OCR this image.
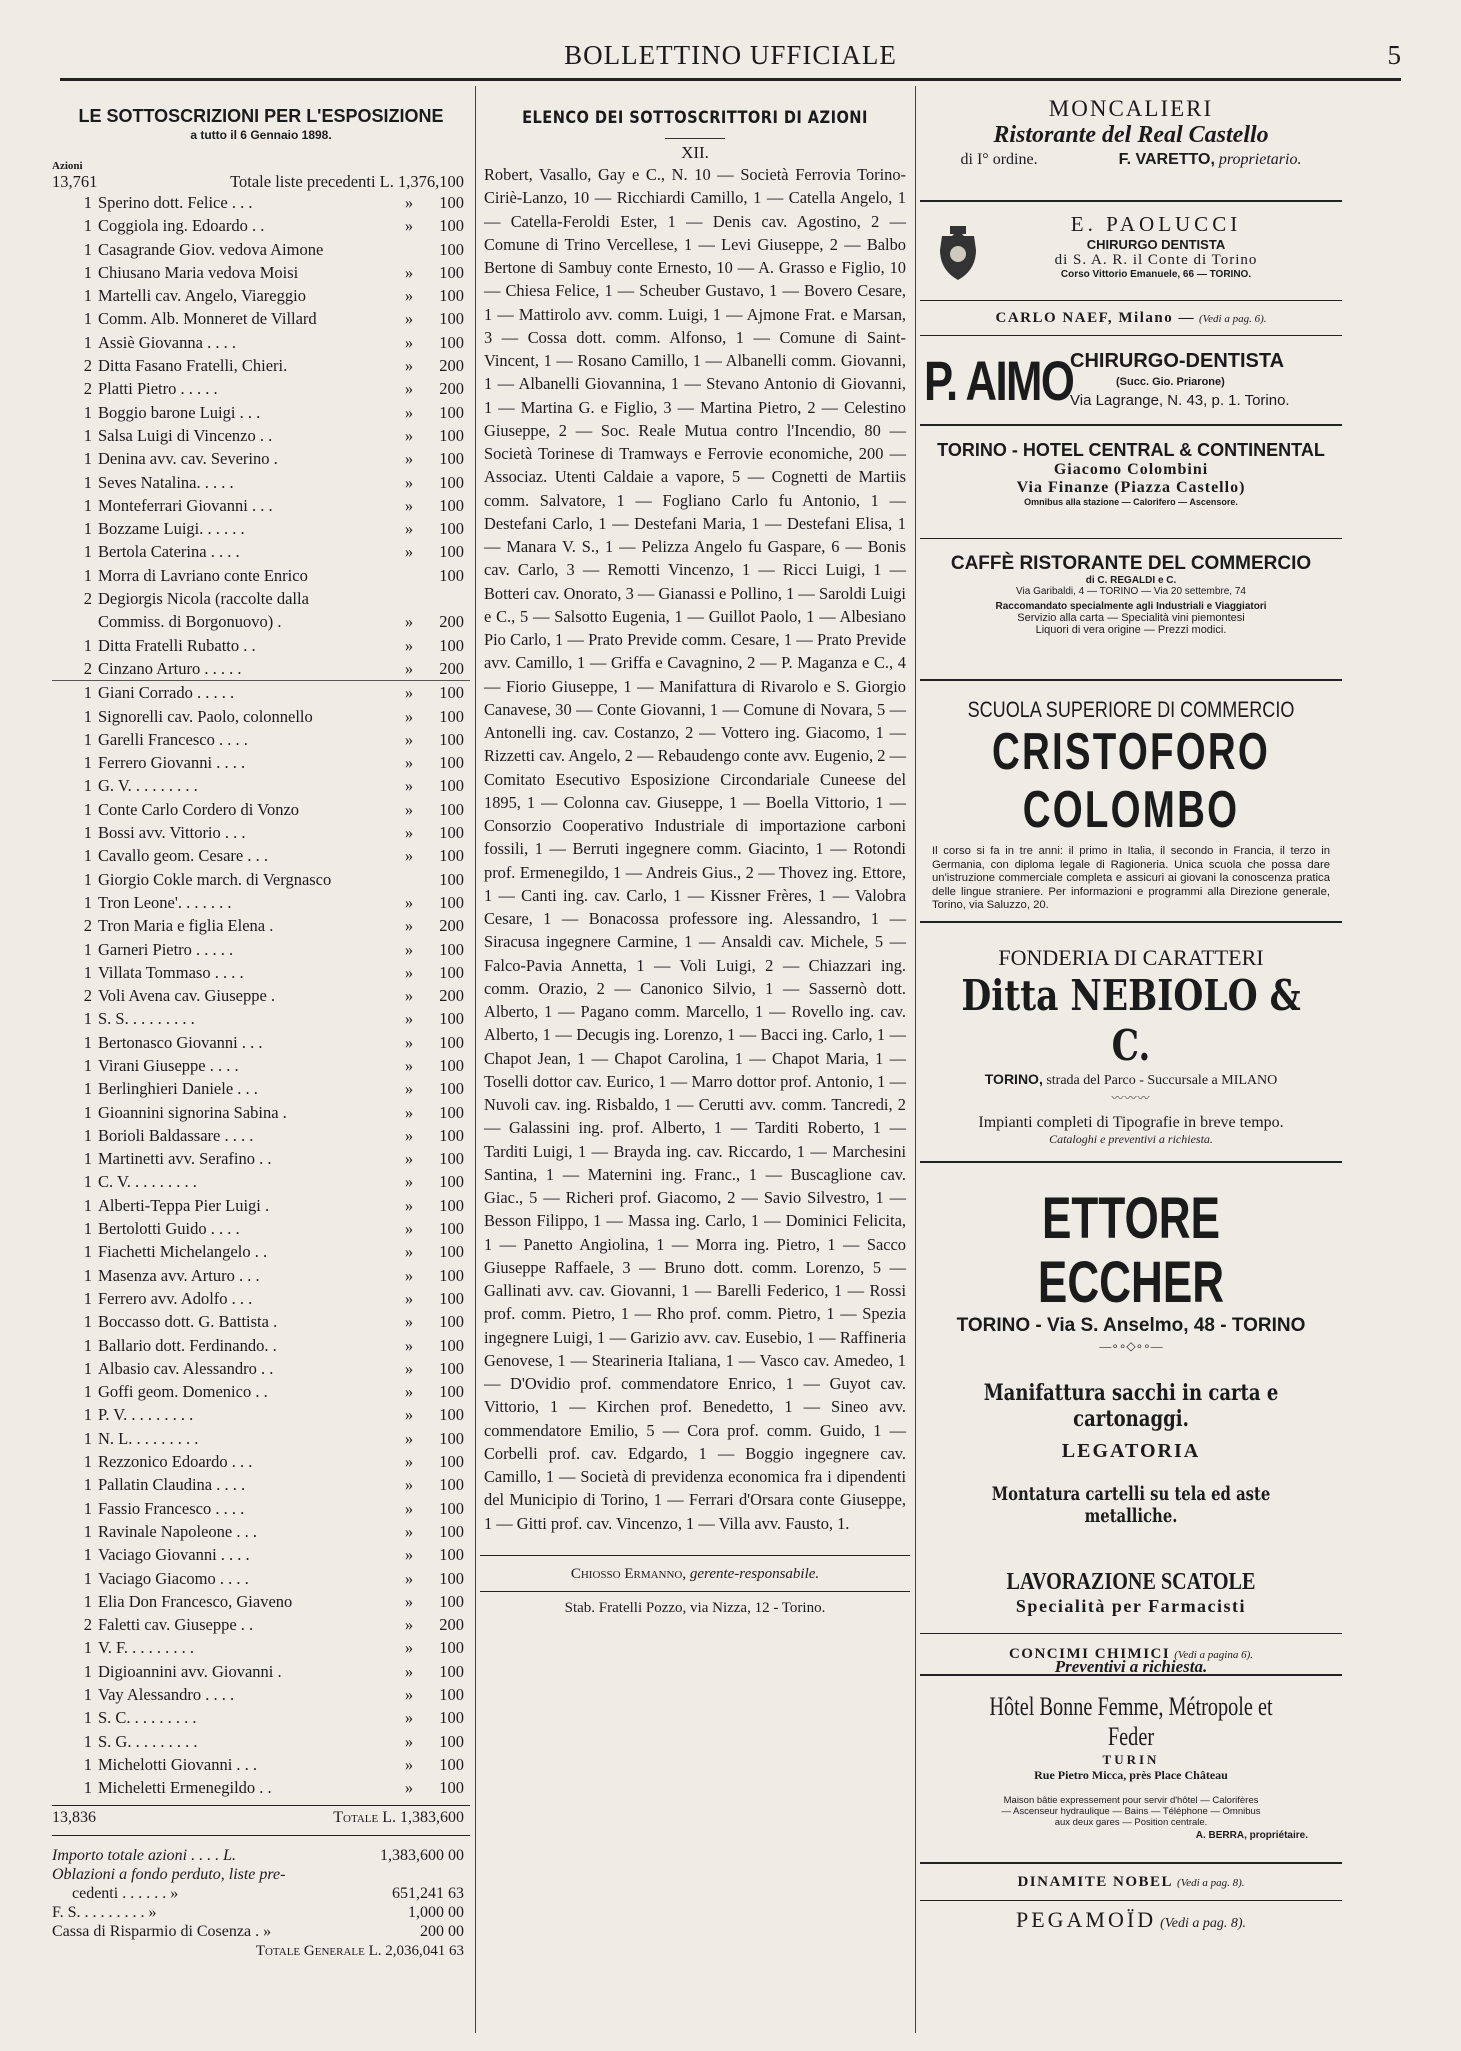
BOLLETTINO UFFICIALE	5
LE SOTTOSCRIZIONI PER L'ESPOSIZIONE
a tutto il 6 Gennaio 1898.
Azioni
13,761	Totale liste precedenti L. 1,376,100
1 Sperino dott. Felice . . .	»	100
1 Coggiola ing. Edoardo . .	»	100
1 Casagrande Giov. vedova Aimone	100
1 Chiusano Maria vedova Moisi	»	100
1 Martelli cav. Angelo, Viareggio	»	100
1 Comm. Alb. Monneret de Villard	»	100
1 Assiè Giovanna . . . .	»	100
2 Ditta Fasano Fratelli, Chieri.	»	200
2 Platti Pietro . . . . .	»	200
1 Boggio barone Luigi . . .	»	100
1 Salsa Luigi di Vincenzo . .	»	100
1 Denina avv. cav. Severino .	»	100
1 Seves Natalina. . . . .	»	100
1 Monteferrari Giovanni . . .	»	100
1 Bozzame Luigi. . . . . .	»	100
1 Bertola Caterina . . . .	»	100
1 Morra di Lavriano conte Enrico	100
2 Degiorgis Nicola (raccolte dalla
Commiss. di Borgonuovo) .	»	200
1 Ditta Fratelli Rubatto . .	»	100
2 Cinzano Arturo . . . . .	»	200
1 Giani Corrado . . . . .	»	100
1 Signorelli cav. Paolo, colonnello	»	100
1 Garelli Francesco . . . .	»	100
1 Ferrero Giovanni . . . .	»	100
1 G. V. . . . . . . . .	»	100
1 Conte Carlo Cordero di Vonzo	»	100
1 Bossi avv. Vittorio . . .	»	100
1 Cavallo geom. Cesare . . .	»	100
1 Giorgio Cokle march. di Vergnasco	100
1 Tron Leone'. . . . . . .	»	100
2 Tron Maria e figlia Elena .	»	200
1 Garneri Pietro . . . . .	»	100
1 Villata Tommaso . . . .	»	100
2 Voli Avena cav. Giuseppe .	»	200
1 S. S. . . . . . . . .	»	100
1 Bertonasco Giovanni . . .	»	100
1 Virani Giuseppe . . . .	»	100
1 Berlinghieri Daniele . . .	»	100
1 Gioannini signorina Sabina .	»	100
1 Borioli Baldassare . . . .	»	100
1 Martinetti avv. Serafino . .	»	100
1 C. V. . . . . . . . .	»	100
1 Alberti-Teppa Pier Luigi .	»	100
1 Bertolotti Guido . . . .	»	100
1 Fiachetti Michelangelo . .	»	100
1 Masenza avv. Arturo . . .	»	100
1 Ferrero avv. Adolfo . . .	»	100
1 Boccasso dott. G. Battista .	»	100
1 Ballario dott. Ferdinando. .	»	100
1 Albasio cav. Alessandro . .	»	100
1 Goffi geom. Domenico . .	»	100
1 P. V. . . . . . . . .	»	100
1 N. L. . . . . . . . .	»	100
1 Rezzonico Edoardo . . .	»	100
1 Pallatin Claudina . . . .	»	100
1 Fassio Francesco . . . .	»	100
1 Ravinale Napoleone . . .	»	100
1 Vaciago Giovanni . . . .	»	100
1 Vaciago Giacomo . . . .	»	100
1 Elia Don Francesco, Giaveno	»	100
2 Faletti cav. Giuseppe . .	»	200
1 V. F. . . . . . . . .	»	100
1 Digioannini avv. Giovanni .	»	100
1 Vay Alessandro . . . .	»	100
1 S. C. . . . . . . . .	»	100
1 S. G. . . . . . . . .	»	100
1 Michelotti Giovanni . . .	»	100
1 Micheletti Ermenegildo . .	»	100
13,836	Totale L. 1,383,600
Importo totale azioni . . . . L.	1,383,600 00
Oblazioni a fondo perduto, liste pre-
cedenti . . . . . . »	651,241 63
F. S. . . . . . . . . »	1,000 00
Cassa di Risparmio di Cosenza . »	200 00
Totale Generale L. 2,036,041 63
ELENCO DEI SOTTOSCRITTORI DI AZIONI
XII.
Robert, Vasallo, Gay e C., N. 10 — Società Ferrovia Torino-Ciriè-Lanzo, 10 — Ricchiardi Camillo, 1 — Catella Angelo, 1 — Catella-Feroldi Ester, 1 — Denis cav. Agostino, 2 — Comune di Trino Vercellese, 1 — Levi Giuseppe, 2 — Balbo Bertone di Sambuy conte Ernesto, 10 — A. Grasso e Figlio, 10 — Chiesa Felice, 1 — Scheuber Gustavo, 1 — Bovero Cesare, 1 — Mattirolo avv. comm. Luigi, 1 — Ajmone Frat. e Marsan, 3 — Cossa dott. comm. Alfonso, 1 — Comune di Saint-Vincent, 1 — Rosano Camillo, 1 — Albanelli comm. Giovanni, 1 — Albanelli Giovannina, 1 — Stevano Antonio di Giovanni, 1 — Martina G. e Figlio, 3 — Martina Pietro, 2 — Celestino Giuseppe, 2 — Soc. Reale Mutua contro l'Incendio, 80 — Società Torinese di Tramways e Ferrovie economiche, 200 — Associaz. Utenti Caldaie a vapore, 5 — Cognetti de Martiis comm. Salvatore, 1 — Fogliano Carlo fu Antonio, 1 — Destefani Carlo, 1 — Destefani Maria, 1 — Destefani Elisa, 1 — Manara V. S., 1 — Pelizza Angelo fu Gaspare, 6 — Bonis cav. Carlo, 3 — Remotti Vincenzo, 1 — Ricci Luigi, 1 — Botteri cav. Onorato, 3 — Gianassi e Pollino, 1 — Saroldi Luigi e C., 5 — Salsotto Eugenia, 1 — Guillot Paolo, 1 — Albesiano Pio Carlo, 1 — Prato Previde comm. Cesare, 1 — Prato Previde avv. Camillo, 1 — Griffa e Cavagnino, 2 — P. Maganza e C., 4 — Fiorio Giuseppe, 1 — Manifattura di Rivarolo e S. Giorgio Canavese, 30 — Conte Giovanni, 1 — Comune di Novara, 5 — Antonelli ing. cav. Costanzo, 2 — Vottero ing. Giacomo, 1 — Rizzetti cav. Angelo, 2 — Rebaudengo conte avv. Eugenio, 2 — Comitato Esecutivo Esposizione Circondariale Cuneese del 1895, 1 — Colonna cav. Giuseppe, 1 — Boella Vittorio, 1 — Consorzio Cooperativo Industriale di importazione carboni fossili, 1 — Berruti ingegnere comm. Giacinto, 1 — Rotondi prof. Ermenegildo, 1 — Andreis Gius., 2 — Thovez ing. Ettore, 1 — Canti ing. cav. Carlo, 1 — Kissner Frères, 1 — Valobra Cesare, 1 — Bonacossa professore ing. Alessandro, 1 — Siracusa ingegnere Carmine, 1 — Ansaldi cav. Michele, 5 — Falco-Pavia Annetta, 1 — Voli Luigi, 2 — Chiazzari ing. comm. Orazio, 2 — Canonico Silvio, 1 — Sassernò dott. Alberto, 1 — Pagano comm. Marcello, 1 — Rovello ing. cav. Alberto, 1 — Decugis ing. Lorenzo, 1 — Bacci ing. Carlo, 1 — Chapot Jean, 1 — Chapot Carolina, 1 — Chapot Maria, 1 — Toselli dottor cav. Eurico, 1 — Marro dottor prof. Antonio, 1 — Nuvoli cav. ing. Risbaldo, 1 — Cerutti avv. comm. Tancredi, 2 — Galassini ing. prof. Alberto, 1 — Tarditi Roberto, 1 — Tarditi Luigi, 1 — Brayda ing. cav. Riccardo, 1 — Marchesini Santina, 1 — Maternini ing. Franc., 1 — Buscaglione cav. Giac., 5 — Richeri prof. Giacomo, 2 — Savio Silvestro, 1 — Besson Filippo, 1 — Massa ing. Carlo, 1 — Dominici Felicita, 1 — Panetto Angiolina, 1 — Morra ing. Pietro, 1 — Sacco Giuseppe Raffaele, 3 — Bruno dott. comm. Lorenzo, 5 — Gallinati avv. cav. Giovanni, 1 — Barelli Federico, 1 — Rossi prof. comm. Pietro, 1 — Rho prof. comm. Pietro, 1 — Spezia ingegnere Luigi, 1 — Garizio avv. cav. Eusebio, 1 — Raffineria Genovese, 1 — Stearineria Italiana, 1 — Vasco cav. Amedeo, 1 — D'Ovidio prof. commendatore Enrico, 1 — Guyot cav. Vittorio, 1 — Kirchen prof. Benedetto, 1 — Sineo avv. commendatore Emilio, 5 — Cora prof. comm. Guido, 1 — Corbelli prof. cav. Edgardo, 1 — Boggio ingegnere cav. Camillo, 1 — Società di previdenza economica fra i dipendenti del Municipio di Torino, 1 — Ferrari d'Orsara conte Giuseppe, 1 — Gitti prof. cav. Vincenzo, 1 — Villa avv. Fausto, 1.
Chiosso Ermanno, gerente-responsabile.
Stab. Fratelli Pozzo, via Nizza, 12 - Torino.
MONCALIERI
Ristorante del Real Castello
di I° ordine.	F. VARETTO, proprietario.
E. PAOLUCCI
CHIRURGO DENTISTA
di S. A. R. il Conte di Torino
Corso Vittorio Emanuele, 66 — TORINO.
CARLO NAEF, Milano — (Vedi a pag. 6).
P. AIMO
CHIRURGO-DENTISTA
(Succ. Gio. Priarone)
Via Lagrange, N. 43, p. 1. Torino.
TORINO - HOTEL CENTRAL & CONTINENTAL
Giacomo Colombini
Via Finanze (Piazza Castello)
Omnibus alla stazione — Calorifero — Ascensore.
CAFFÈ RISTORANTE DEL COMMERCIO
di C. REGALDI e C.
Via Garibaldi, 4 — TORINO — Via 20 settembre, 74
Raccomandato specialmente agli Industriali e Viaggiatori
Servizio alla carta — Specialità vini piemontesi
Liquori di vera origine — Prezzi modici.
SCUOLA SUPERIORE DI COMMERCIO
CRISTOFORO COLOMBO
Il corso si fa in tre anni: il primo in Italia, il secondo in Francia, il terzo in Germania, con diploma legale di Ragioneria. Unica scuola che possa dare un'istruzione commerciale completa e assicuri ai giovani la conoscenza pratica delle lingue straniere. Per informazioni e programmi alla Direzione generale, Torino, via Saluzzo, 20.
FONDERIA DI CARATTERI
Ditta NEBIOLO & C.
TORINO, strada del Parco - Succursale a MILANO
〰〰〰
Impianti completi di Tipografie in breve tempo.
Cataloghi e preventivi a richiesta.
ETTORE ECCHER
TORINO - Via S. Anselmo, 48 - TORINO
—∘∘◇∘∘—
Manifattura sacchi in carta e cartonaggi.
LEGATORIA
Montatura cartelli su tela ed aste metalliche.
LAVORAZIONE SCATOLE
Specialità per Farmacisti
Preventivi a richiesta.
CONCIMI CHIMICI (Vedi a pagina 6).
Hôtel Bonne Femme, Métropole et Feder
TURIN
Rue Pietro Micca, près Place Château
Maison bâtie expressement pour servir d'hôtel — Calorifères
— Ascenseur hydraulique — Bains — Téléphone — Omnibus
aux deux gares — Position centrale.
A. BERRA, propriétaire.
DINAMITE NOBEL (Vedi a pag. 8).
PEGAMOÏD (Vedi a pag. 8).
